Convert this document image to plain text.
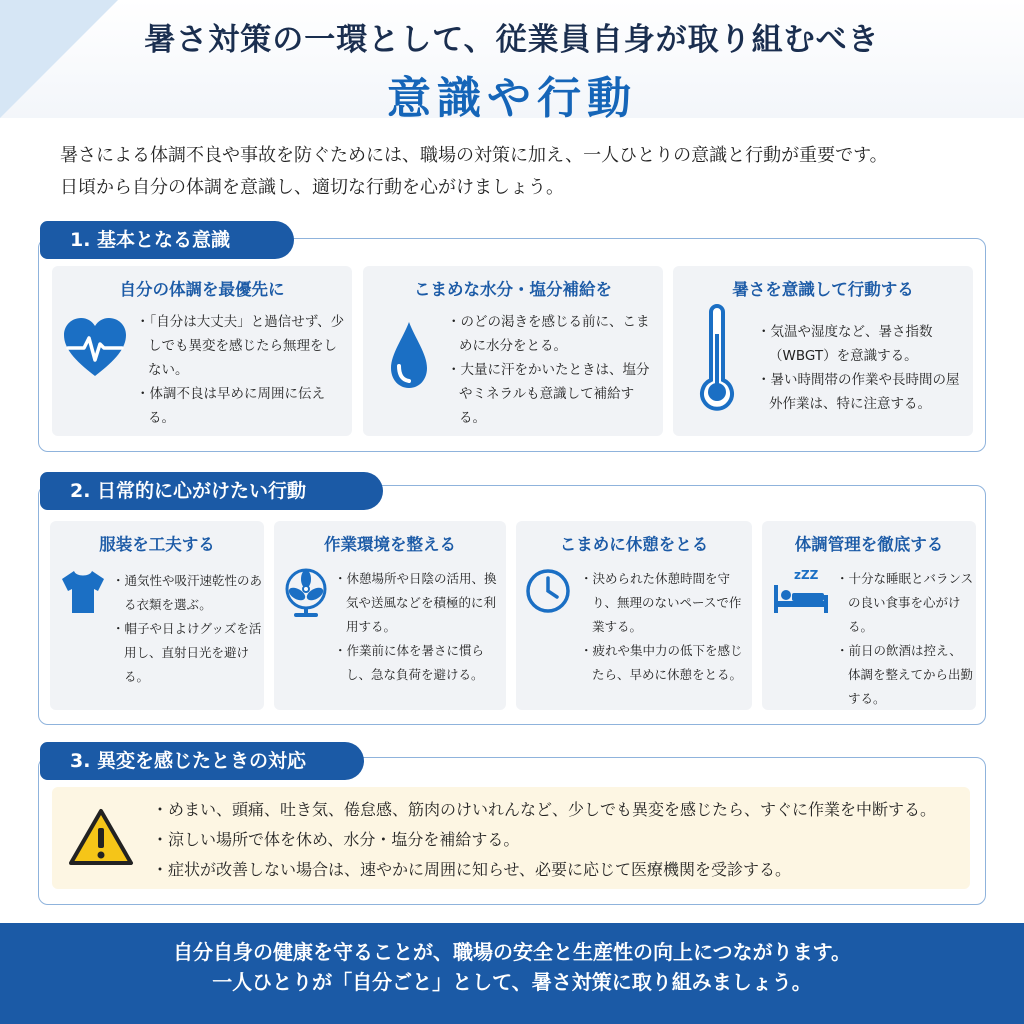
暑さ対策の一環として、従業員自身が取り組むべき
意識や行動
暑さによる体調不良や事故を防ぐためには、職場の対策に加え、一人ひとりの意識と行動が重要です。
日頃から自分の体調を意識し、適切な行動を心がけましょう。
1. 基本となる意識
自分の体調を最優先に
・「自分は大丈夫」と過信せず、少しでも異変を感じたら無理をしない。
・体調不良は早めに周囲に伝える。
こまめな水分・塩分補給を
・のどの渇きを感じる前に、こまめに水分をとる。
・大量に汗をかいたときは、塩分やミネラルも意識して補給する。
暑さを意識して行動する
・気温や湿度など、暑さ指数（WBGT）を意識する。
・暑い時間帯の作業や長時間の屋外作業は、特に注意する。
2. 日常的に心がけたい行動
服装を工夫する
・通気性や吸汗速乾性のある衣類を選ぶ。
・帽子や日よけグッズを活用し、直射日光を避ける。
作業環境を整える
・休憩場所や日陰の活用、換気や送風などを積極的に利用する。
・作業前に体を暑さに慣らし、急な負荷を避ける。
こまめに休憩をとる
・決められた休憩時間を守り、無理のないペースで作業する。
・疲れや集中力の低下を感じたら、早めに休憩をとる。
体調管理を徹底する
zZZ ・十分な睡眠とバランスの良い食事を心がける。
・前日の飲酒は控え、体調を整えてから出勤する。
3. 異変を感じたときの対応
・めまい、頭痛、吐き気、倦怠感、筋肉のけいれんなど、少しでも異変を感じたら、すぐに作業を中断する。
・涼しい場所で体を休め、水分・塩分を補給する。
・症状が改善しない場合は、速やかに周囲に知らせ、必要に応じて医療機関を受診する。
自分自身の健康を守ることが、職場の安全と生産性の向上につながります。
一人ひとりが「自分ごと」として、暑さ対策に取り組みましょう。
